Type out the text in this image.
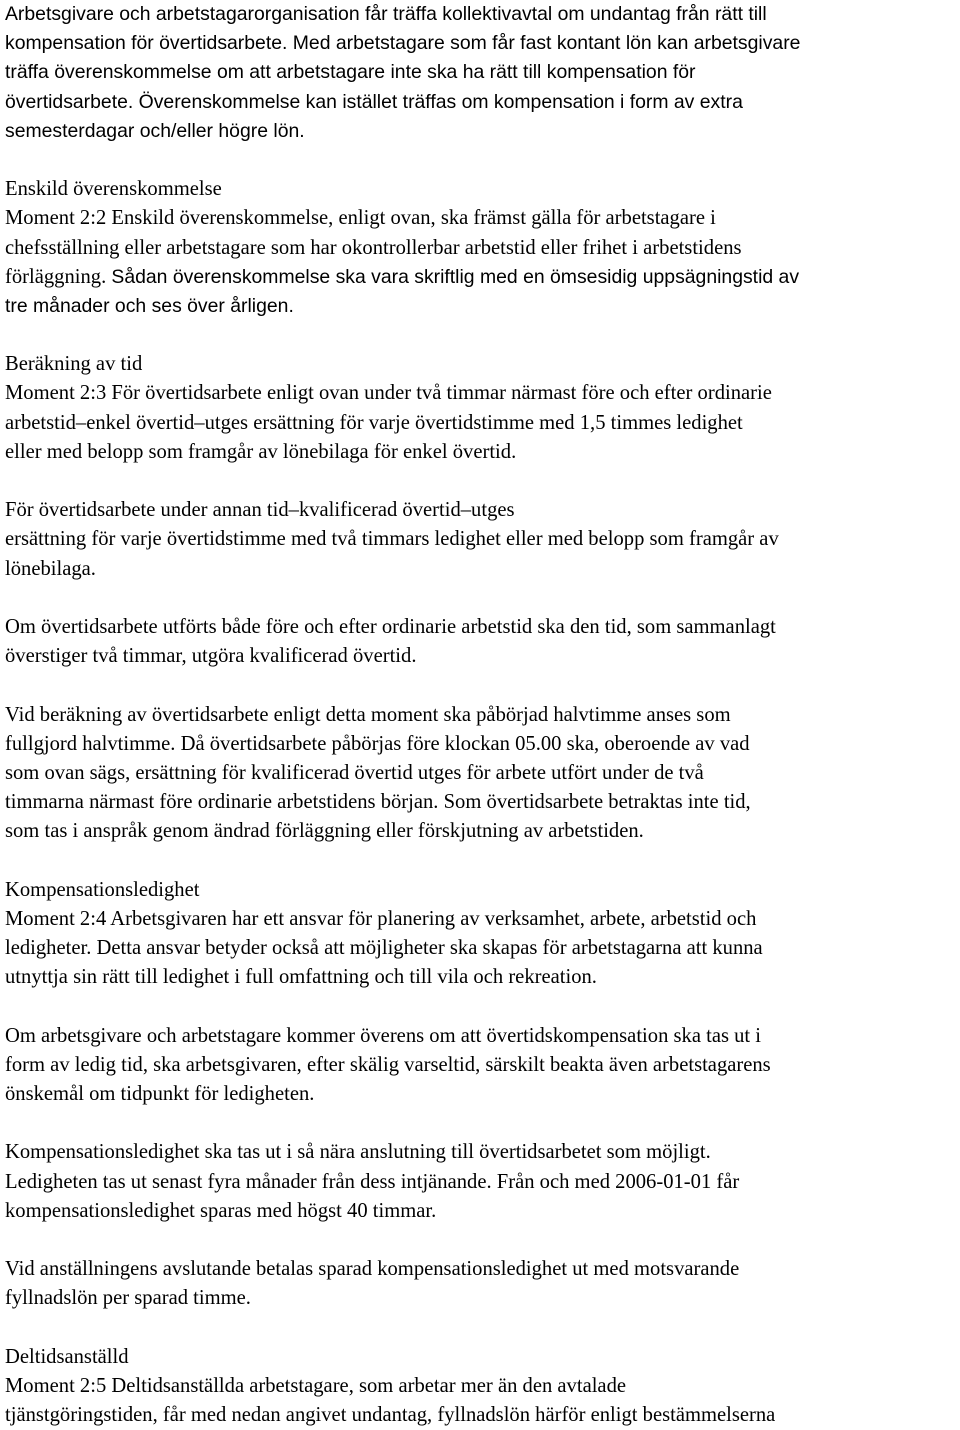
Arbetsgivare och arbetstagarorganisation får träffa kollektivavtal om undantag från rätt till
kompensation för övertidsarbete. Med arbetstagare som får fast kontant lön kan arbetsgivare
träffa överenskommelse om att arbetstagare inte ska ha rätt till kompensation för
övertidsarbete. Överenskommelse kan istället träffas om kompensation i form av extra
semesterdagar och/eller högre lön.
Enskild överenskommelse
Moment 2:2 Enskild överenskommelse, enligt ovan, ska främst gälla för arbetstagare i
chefsställning eller arbetstagare som har okontrollerbar arbetstid eller frihet i arbetstidens
förläggning. Sådan överenskommelse ska vara skriftlig med en ömsesidig uppsägningstid av
tre månader och ses över årligen.
Beräkning av tid
Moment 2:3 För övertidsarbete enligt ovan under två timmar närmast före och efter ordinarie
arbetstid–enkel övertid–utges ersättning för varje övertidstimme med 1,5 timmes ledighet
eller med belopp som framgår av lönebilaga för enkel övertid.
För övertidsarbete under annan tid–kvalificerad övertid–utges
ersättning för varje övertidstimme med två timmars ledighet eller med belopp som framgår av
lönebilaga.
Om övertidsarbete utförts både före och efter ordinarie arbetstid ska den tid, som sammanlagt
överstiger två timmar, utgöra kvalificerad övertid.
Vid beräkning av övertidsarbete enligt detta moment ska påbörjad halvtimme anses som
fullgjord halvtimme. Då övertidsarbete påbörjas före klockan 05.00 ska, oberoende av vad
som ovan sägs, ersättning för kvalificerad övertid utges för arbete utfört under de två
timmarna närmast före ordinarie arbetstidens början. Som övertidsarbete betraktas inte tid,
som tas i anspråk genom ändrad förläggning eller förskjutning av arbetstiden.
Kompensationsledighet
Moment 2:4 Arbetsgivaren har ett ansvar för planering av verksamhet, arbete, arbetstid och
ledigheter. Detta ansvar betyder också att möjligheter ska skapas för arbetstagarna att kunna
utnyttja sin rätt till ledighet i full omfattning och till vila och rekreation.
Om arbetsgivare och arbetstagare kommer överens om att övertidskompensation ska tas ut i
form av ledig tid, ska arbetsgivaren, efter skälig varseltid, särskilt beakta även arbetstagarens
önskemål om tidpunkt för ledigheten.
Kompensationsledighet ska tas ut i så nära anslutning till övertidsarbetet som möjligt.
Ledigheten tas ut senast fyra månader från dess intjänande. Från och med 2006-01-01 får
kompensationsledighet sparas med högst 40 timmar.
Vid anställningens avslutande betalas sparad kompensationsledighet ut med motsvarande
fyllnadslön per sparad timme.
Deltidsanställd
Moment 2:5 Deltidsanställda arbetstagare, som arbetar mer än den avtalade
tjänstgöringstiden, får med nedan angivet undantag, fyllnadslön härför enligt bestämmelserna
